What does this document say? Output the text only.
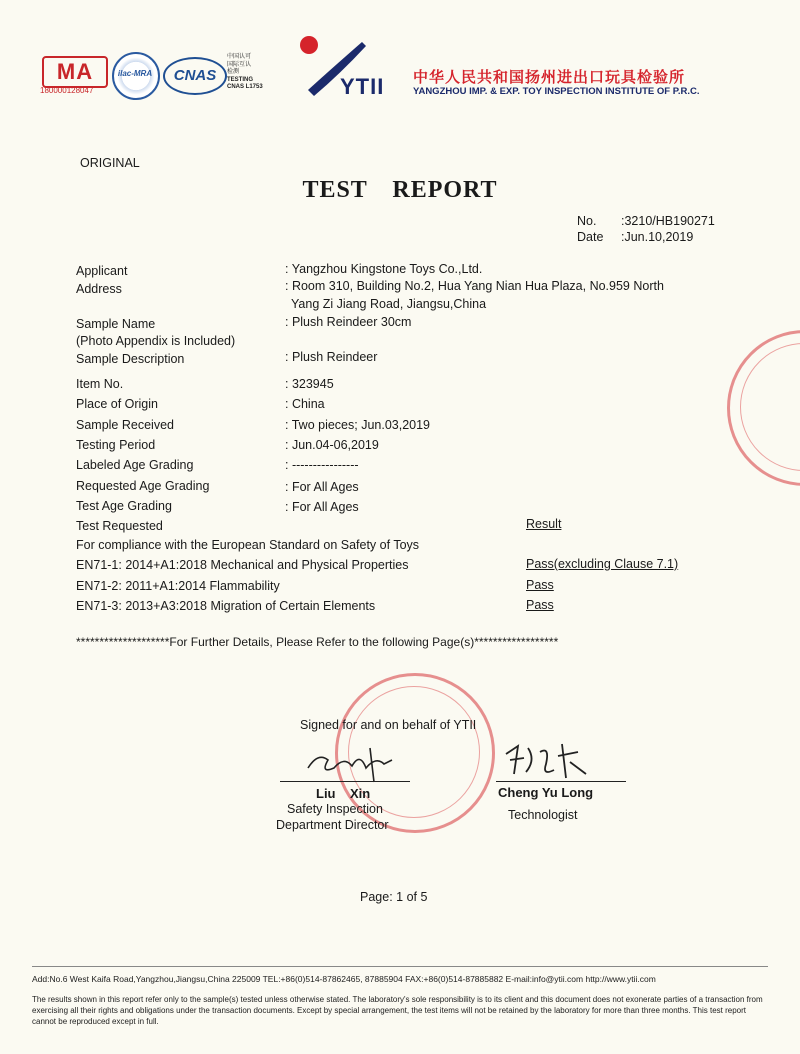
MA
180000128047
ilac-MRA	CNAS
中国认可
国际互认
检测
TESTING
CNAS L1753	YTII 中华人民共和国扬州进出口玩具检验所
YANGZHOU IMP. & EXP. TOY INSPECTION INSTITUTE OF P.R.C.
ORIGINAL
TEST REPORT
No. :3210/HB190271
Date :Jun.10,2019
Applicant	: Yangzhou Kingstone Toys Co.,Ltd.
Address	: Room 310, Building No.2, Hua Yang Nian Hua Plaza, No.959 North
Yang Zi Jiang Road, Jiangsu,China
Sample Name	: Plush Reindeer 30cm
(Photo Appendix is Included)
Sample Description	: Plush Reindeer
Item No.	: 323945
Place of Origin	: China
Sample Received	: Two pieces; Jun.03,2019
Testing Period	: Jun.04-06,2019
Labeled Age Grading	: ----------------
Requested Age Grading	: For All Ages
Test Age Grading	: For All Ages
Test Requested	Result
For compliance with the European Standard on Safety of Toys
EN71-1: 2014+A1:2018 Mechanical and Physical Properties	Pass(excluding Clause 7.1)
EN71-2: 2011+A1:2014 Flammability	Pass
EN71-3: 2013+A3:2018 Migration of Certain Elements	Pass
********************For Further Details, Please Refer to the following Page(s)******************
Signed for and on behalf of YTII
Liu    Xin
Safety Inspection
Department Director
Cheng Yu Long
Technologist
Page: 1 of 5
Add:No.6 West Kaifa Road,Yangzhou,Jiangsu,China 225009 TEL:+86(0)514-87862465, 87885904 FAX:+86(0)514-87885882 E-mail:info@ytii.com http://www.ytii.com
The results shown in this report refer only to the sample(s) tested unless otherwise stated. The laboratory's sole responsibility is to its client and this document does not exonerate parties of a transaction from exercising all their rights and obligations under the transaction documents. Except by special arrangement, the test items will not be retained by the laboratory for more than three months. This test report cannot be reproduced except in full.
